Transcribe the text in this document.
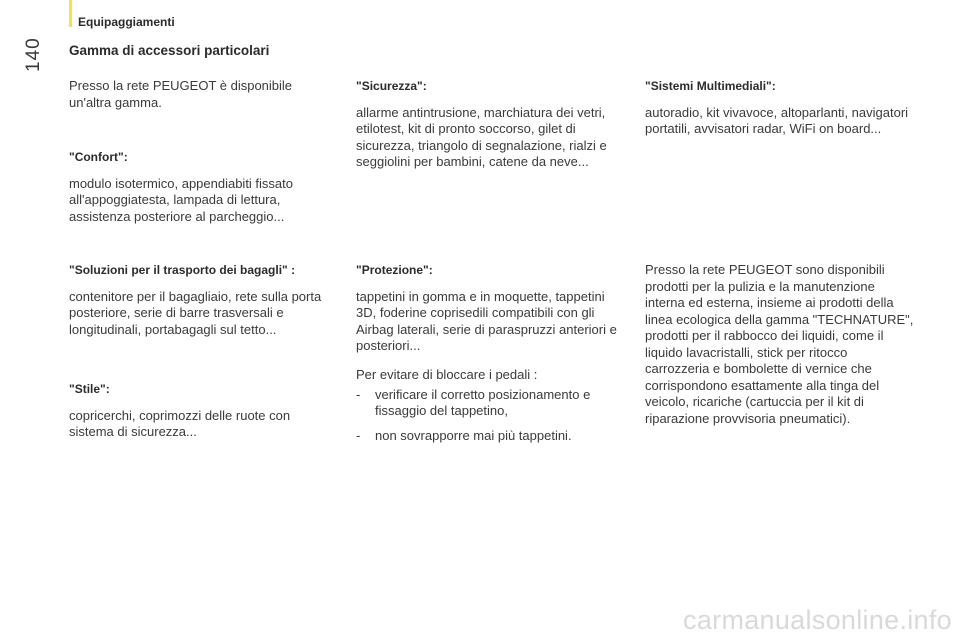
Equipaggiamenti
140 Gamma di accessori particolari

Presso la rete PEUGEOT è disponibile un'altra gamma.

"Confort":

modulo isotermico, appendiabiti fissato all'appoggiatesta, lampada di lettura, assistenza posteriore al parcheggio...

"Soluzioni per il trasporto dei bagagli" :

contenitore per il bagagliaio, rete sulla porta posteriore, serie di barre trasversali e longitudinali, portabagagli sul tetto...

"Stile":

copricerchi, coprimozzi delle ruote con sistema di sicurezza...

"Sicurezza":

allarme antintrusione, marchiatura dei vetri, etilotest, kit di pronto soccorso, gilet di sicurezza, triangolo di segnalazione, rialzi e seggiolini per bambini, catene da neve...

"Protezione":

tappetini in gomma e in moquette, tappetini 3D, foderine coprisedili compatibili con gli Airbag laterali, serie di paraspruzzi anteriori e posteriori...

Per evitare di bloccare i pedali :

- verificare il corretto posizionamento e fissaggio del tappetino,
- non sovrapporre mai più tappetini.
"Sistemi Multimediali":

autoradio, kit vivavoce, altoparlanti, navigatori portatili, avvisatori radar, WiFi on board...

Presso la rete PEUGEOT sono disponibili prodotti per la pulizia e la manutenzione interna ed esterna, insieme ai prodotti della linea ecologica della gamma "TECHNATURE", prodotti per il rabbocco dei liquidi, come il liquido lavacristalli, stick per ritocco carrozzeria e bombolette di vernice che corrispondono esattamente alla tinga del veicolo, ricariche (cartuccia per il kit di riparazione provvisoria pneumatici).

carmanualsonline.info
